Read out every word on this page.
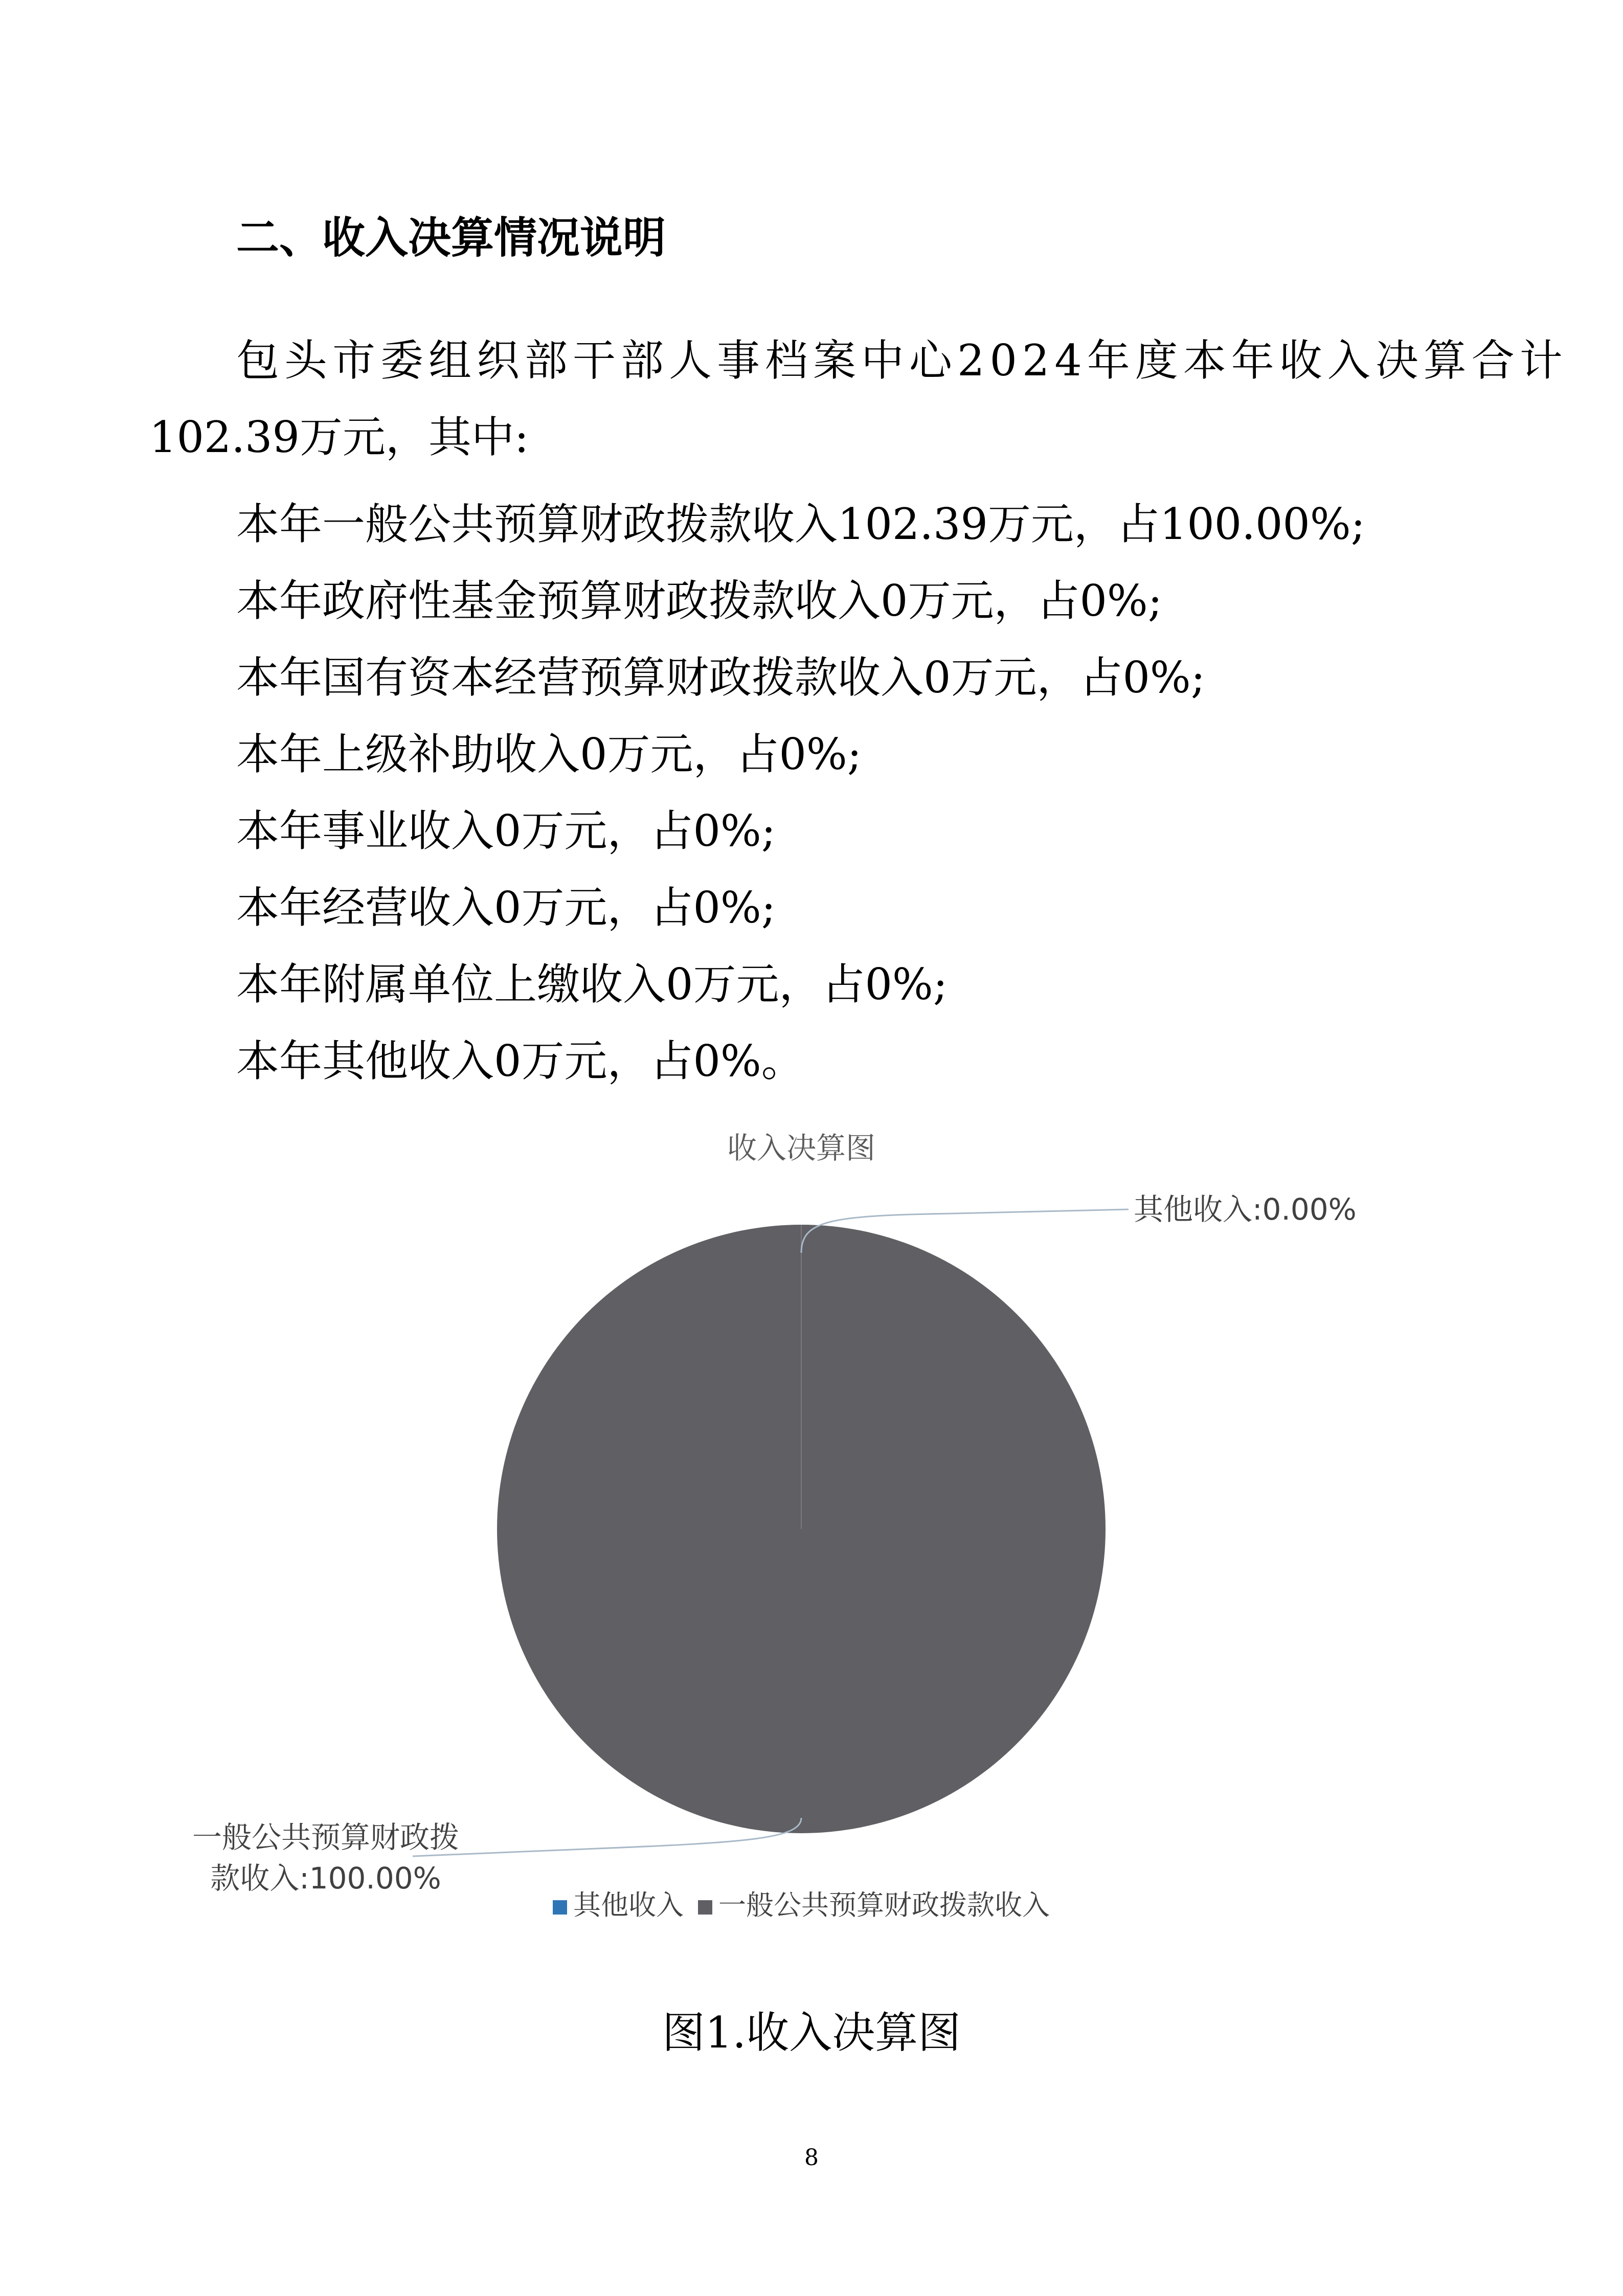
二、收入决算情况说明
包头市委组织部干部人事档案中心2024年度本年收入决算合计
102.39万元，其中:
本年一般公共预算财政拨款收入102.39万元，占100.00%;
本年政府性基金预算财政拨款收入0万元，占0%;
本年国有资本经营预算财政拨款收入0万元，占0%;
本年上级补助收入0万元，占0%;
本年事业收入0万元，占0%;
本年经营收入0万元，占0%;
本年附属单位上缴收入0万元，占0%;
本年其他收入0万元，占0%。
收入决算图
其他收入:0.00%
一般公共预算财政拨
款收入:100.00%
其他收入 一般公共预算财政拨款收入
图1.收入决算图
8
